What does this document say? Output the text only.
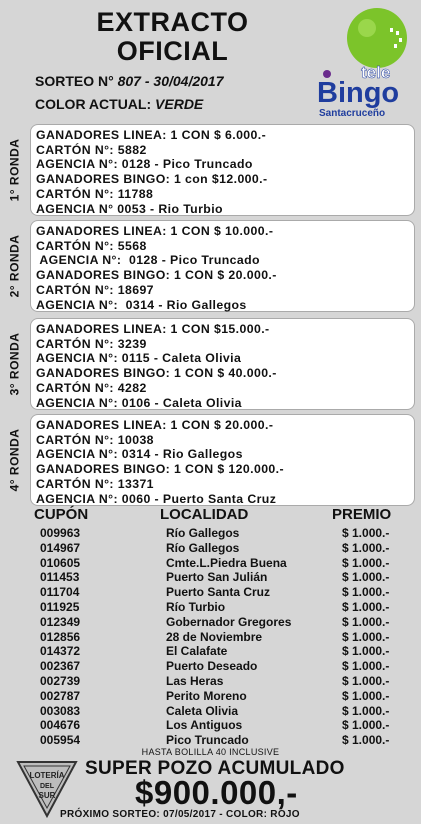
EXTRACTO
OFICIAL
SORTEO N° 807 - 30/04/2017
COLOR ACTUAL: VERDE
tele
Bingo
Santacruceño
1° RONDA
GANADORES LINEA: 1 CON $ 6.000.-
CARTÓN N°: 5882
AGENCIA N°: 0128 - Pico Truncado
GANADORES BINGO: 1 con $12.000.-
CARTÓN N°: 11788
AGENCIA N° 0053 - Rio Turbio
2° RONDA
GANADORES LINEA: 1 CON $ 10.000.-
CARTÓN N°: 5568
AGENCIA N°:  0128 - Pico Truncado
GANADORES BINGO: 1 CON $ 20.000.-
CARTÓN N°: 18697
AGENCIA N°:  0314 - Rio Gallegos
3° RONDA
GANADORES LINEA: 1 CON $15.000.-
CARTÓN N°: 3239
AGENCIA N°: 0115 - Caleta Olivia
GANADORES BINGO: 1 CON $ 40.000.-
CARTÓN N°: 4282
AGENCIA N°: 0106 - Caleta Olivia
4° RONDA
GANADORES LINEA: 1 CON $ 20.000.-
CARTÓN N°: 10038
AGENCIA N°: 0314 - Rio Gallegos
GANADORES BINGO: 1 CON $ 120.000.-
CARTÓN N°: 13371
AGENCIA N°: 0060 - Puerto Santa Cruz
CUPÓN	LOCALIDAD	PREMIO
009963	Río Gallegos	$ 1.000.-
014967	Río Gallegos	$ 1.000.-
010605	Cmte.L.Piedra Buena	$ 1.000.-
011453	Puerto San Julián	$ 1.000.-
011704	Puerto Santa Cruz	$ 1.000.-
011925	Río Turbio	$ 1.000.-
012349	Gobernador Gregores	$ 1.000.-
012856	28 de Noviembre	$ 1.000.-
014372	El Calafate	$ 1.000.-
002367	Puerto Deseado	$ 1.000.-
002739	Las Heras	$ 1.000.-
002787	Perito Moreno	$ 1.000.-
003083	Caleta Olivia	$ 1.000.-
004676	Los Antiguos	$ 1.000.-
005954	Pico Truncado	$ 1.000.-
HASTA BOLILLA 40 INCLUSIVE
LOTERÍA
DEL
SUR
SUPER POZO ACUMULADO
$900.000,-
PRÓXIMO SORTEO: 07/05/2017 - COLOR: ROJO
